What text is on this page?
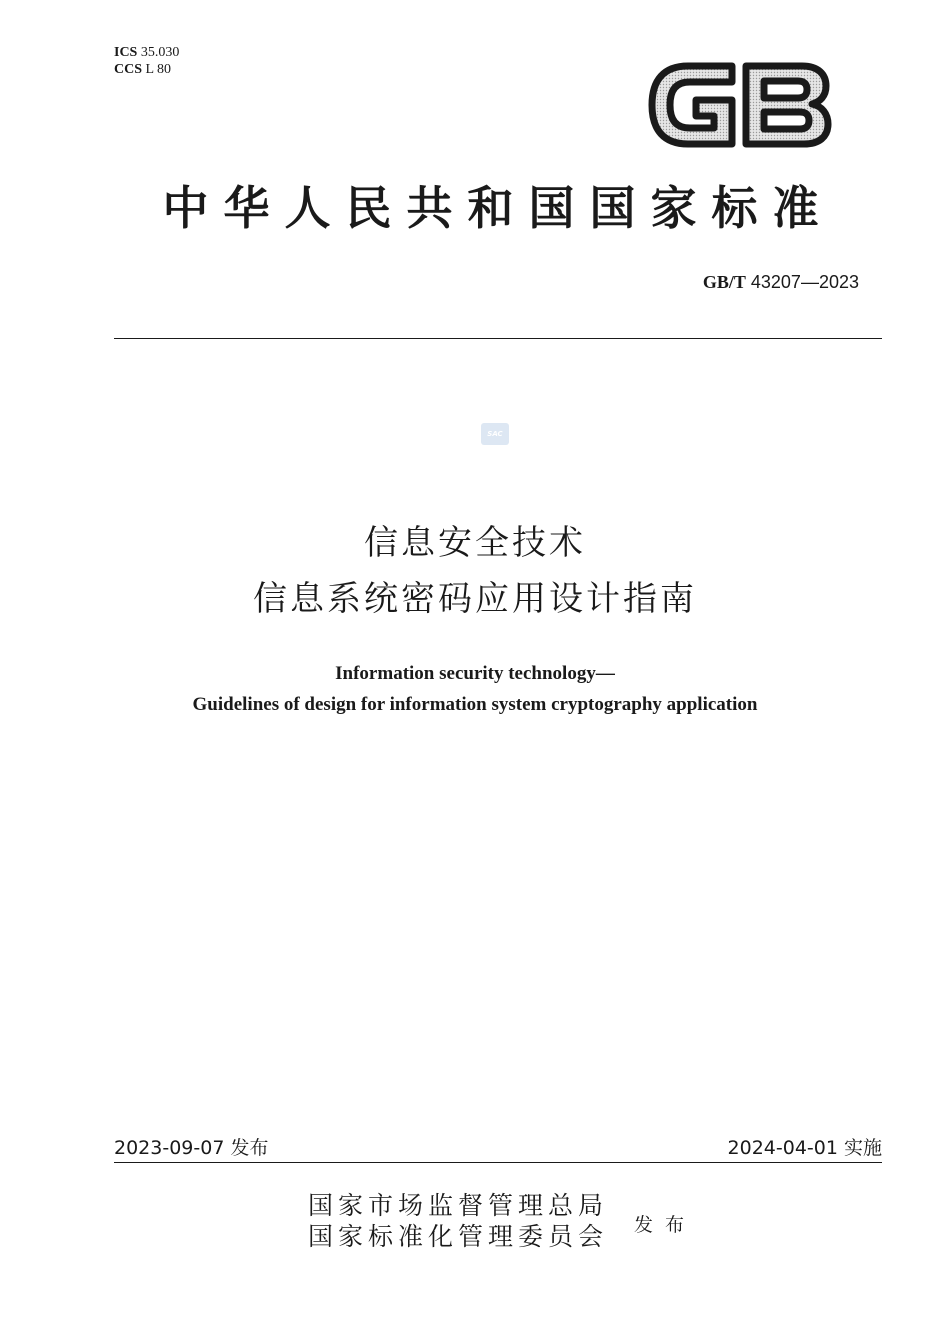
ICS 35.030
CCS L 80
中华人民共和国国家标准
GB/T 43207—2023
SAC
信息安全技术
信息系统密码应用设计指南
Information security technology—
Guidelines of design for information system cryptography application
2023-09-07 发布	2024-04-01 实施
国家市场监督管理总局
国家标准化管理委员会 发布
